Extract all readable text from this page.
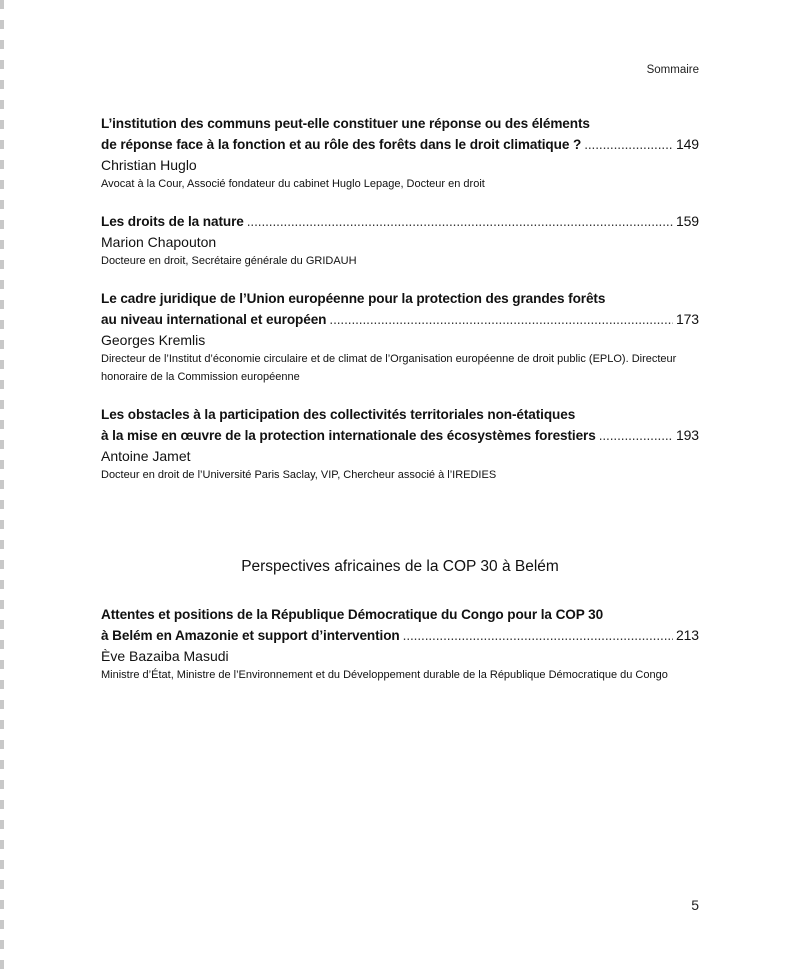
Sommaire
L’institution des communs peut-elle constituer une réponse ou des éléments
de réponse face à la fonction et au rôle des forêts dans le droit climatique ? .....	149
Christian Huglo
Avocat à la Cour, Associé fondateur du cabinet Huglo Lepage, Docteur en droit
Les droits de la nature .....	159
Marion Chapouton
Docteure en droit, Secrétaire générale du GRIDAUH
Le cadre juridique de l’Union européenne pour la protection des grandes forêts
au niveau international et européen .....	173
Georges Kremlis
Directeur de l’Institut d’économie circulaire et de climat de l’Organisation européenne de droit public (EPLO). Directeur honoraire de la Commission européenne
Les obstacles à la participation des collectivités territoriales non-étatiques
à la mise en œuvre de la protection internationale des écosystèmes forestiers .....	193
Antoine Jamet
Docteur en droit de l’Université Paris Saclay, VIP, Chercheur associé à l’IREDIES
Perspectives africaines de la COP 30 à Belém
Attentes et positions de la République Démocratique du Congo pour la COP 30
à Belém en Amazonie et support d’intervention .....	213
Ève Bazaiba Masudi
Ministre d’État, Ministre de l’Environnement et du Développement durable de la République Démocratique du Congo
5
